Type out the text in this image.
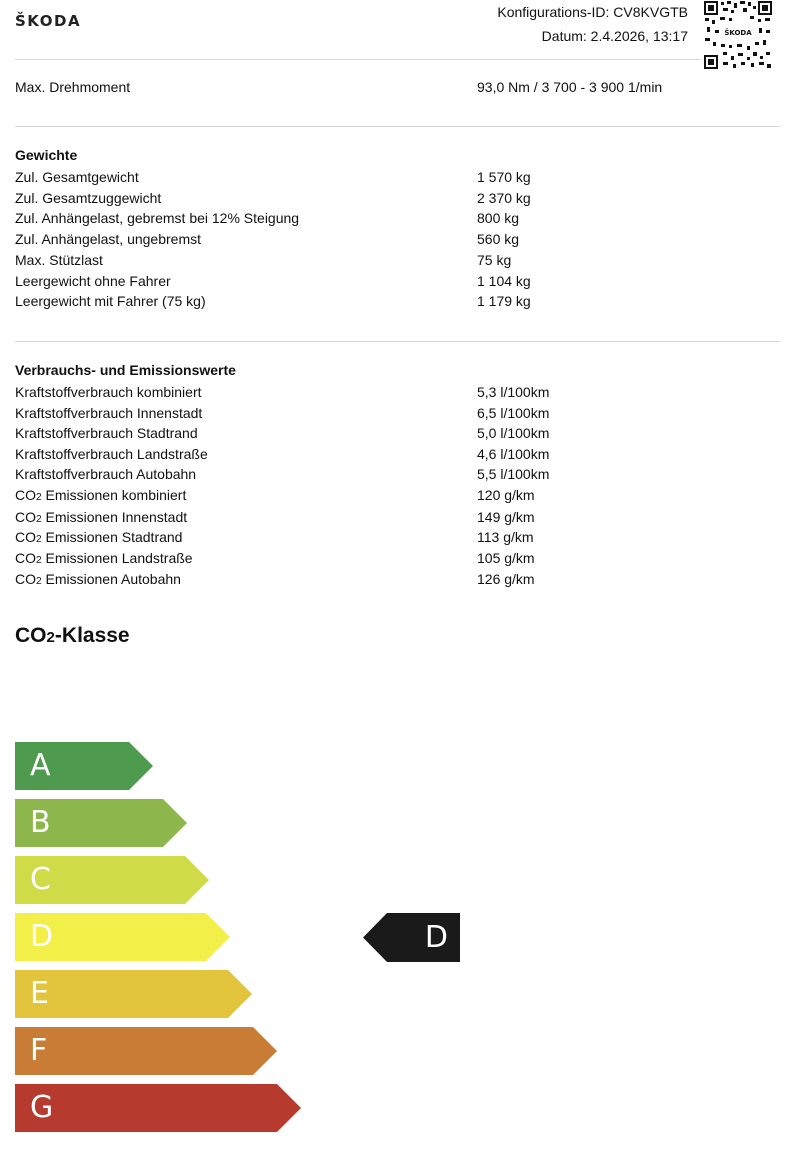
ŠKODA	Konfigurations-ID: CV8KVGTB
Datum: 2.4.2026, 13:17	ŠKODA
Max. Drehmoment	93,0 Nm / 3 700 - 3 900 1/min
Gewichte
Zul. Gesamtgewicht	1 570 kg
Zul. Gesamtzuggewicht	2 370 kg
Zul. Anhängelast, gebremst bei 12% Steigung	800 kg
Zul. Anhängelast, ungebremst	560 kg
Max. Stützlast	75 kg
Leergewicht ohne Fahrer	1 104 kg
Leergewicht mit Fahrer (75 kg)	1 179 kg
Verbrauchs- und Emissionswerte
Kraftstoffverbrauch kombiniert	5,3 l/100km
Kraftstoffverbrauch Innenstadt	6,5 l/100km
Kraftstoffverbrauch Stadtrand	5,0 l/100km
Kraftstoffverbrauch Landstraße	4,6 l/100km
Kraftstoffverbrauch Autobahn	5,5 l/100km
CO2 Emissionen kombiniert	120 g/km
CO2 Emissionen Innenstadt	149 g/km
CO2 Emissionen Stadtrand	113 g/km
CO2 Emissionen Landstraße	105 g/km
CO2 Emissionen Autobahn	126 g/km
CO2-Klasse
A
B
C
D
E
F
G
D
